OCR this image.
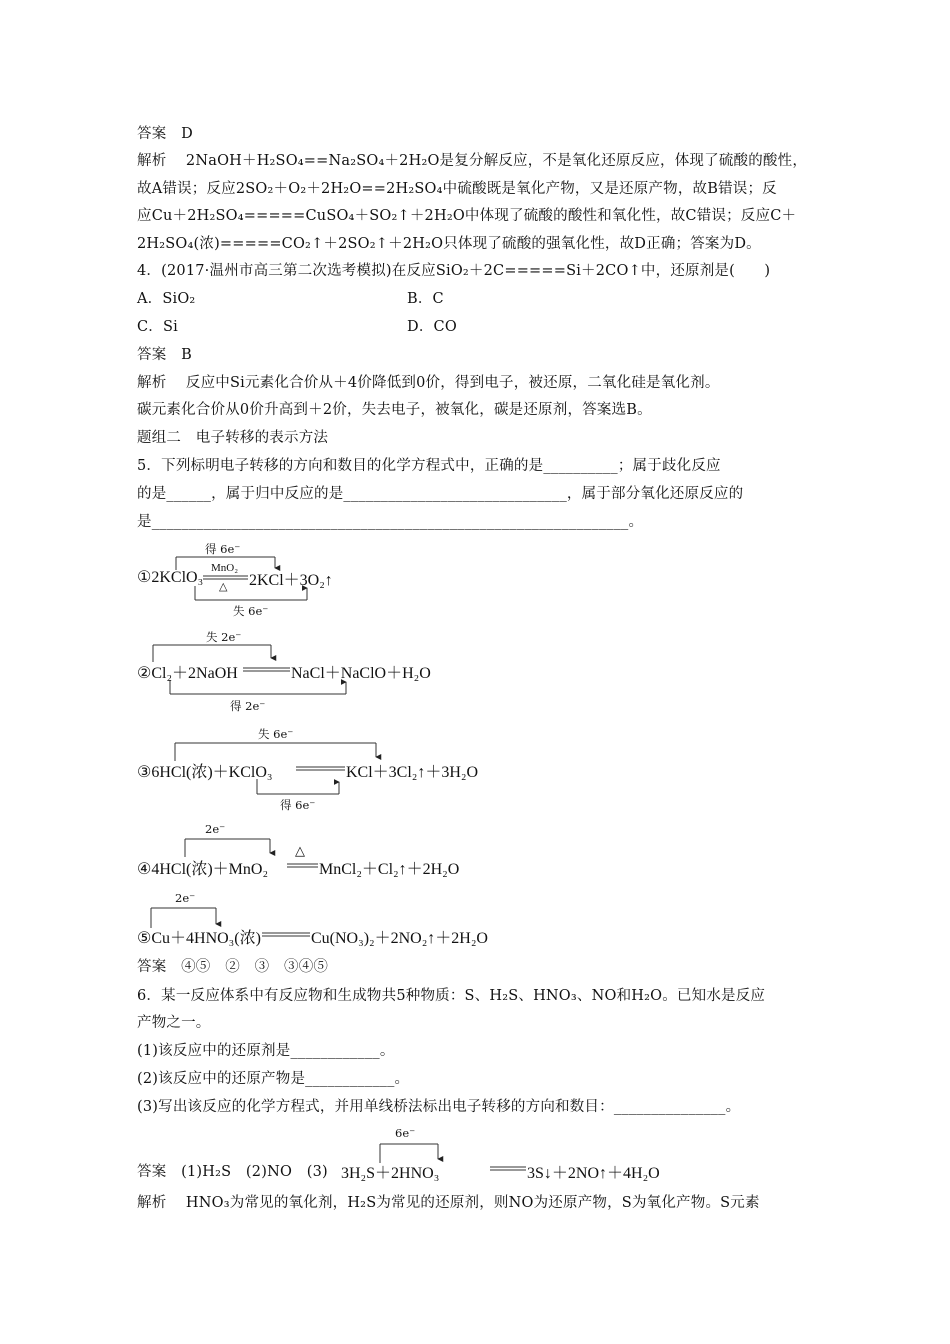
答案　D
解析　 2NaOH＋H₂SO₄==Na₂SO₄＋2H₂O是复分解反应，不是氧化还原反应，体现了硫酸的酸性，
故A错误；反应2SO₂＋O₂＋2H₂O==2H₂SO₄中硫酸既是氧化产物，又是还原产物，故B错误；反
应Cu＋2H₂SO₄=====CuSO₄＋SO₂↑＋2H₂O中体现了硫酸的酸性和氧化性，故C错误；反应C＋
2H₂SO₄(浓)=====CO₂↑＋2SO₂↑＋2H₂O只体现了硫酸的强氧化性，故D正确；答案为D。
4．(2017·温州市高三第二次选考模拟)在反应SiO₂＋2C=====Si＋2CO↑中，还原剂是(　　)
A．SiO₂	B．C
C．Si	D．CO
答案　B
解析　 反应中Si元素化合价从＋4价降低到0价，得到电子，被还原，二氧化硅是氧化剂。
碳元素化合价从0价升高到＋2价，失去电子，被氧化，碳是还原剂，答案选B。
题组二　电子转移的表示方法
5．下列标明电子转移的方向和数目的化学方程式中，正确的是__________；属于歧化反应
的是______，属于归中反应的是______________________________，属于部分氧化还原反应的
是________________________________________________________________。
得 6e⁻
MnO₂
△
①2KClO₃	2KCl＋3O₂↑
失 6e⁻
失 2e⁻
②Cl₂＋2NaOH	NaCl＋NaClO＋H₂O
得 2e⁻
失 6e⁻
③6HCl(浓)＋KClO₃	KCl＋3Cl₂↑＋3H₂O
得 6e⁻
2e⁻
△
④4HCl(浓)＋MnO₂	MnCl₂＋Cl₂↑＋2H₂O
2e⁻
⑤Cu＋4HNO₃(浓)	Cu(NO₃)₂＋2NO₂↑＋2H₂O
答案　④⑤　②　③　③④⑤
6．某一反应体系中有反应物和生成物共5种物质：S、H₂S、HNO₃、NO和H₂O。已知水是反应
产物之一。
(1)该反应中的还原剂是____________。
(2)该反应中的还原产物是____________。
(3)写出该反应的化学方程式，并用单线桥法标出电子转移的方向和数目：_______________。
6e⁻
答案　(1)H₂S　(2)NO　(3) 3H₂S＋2HNO₃	3S↓＋2NO↑＋4H₂O
解析　 HNO₃为常见的氧化剂，H₂S为常见的还原剂，则NO为还原产物，S为氧化产物。S元素
